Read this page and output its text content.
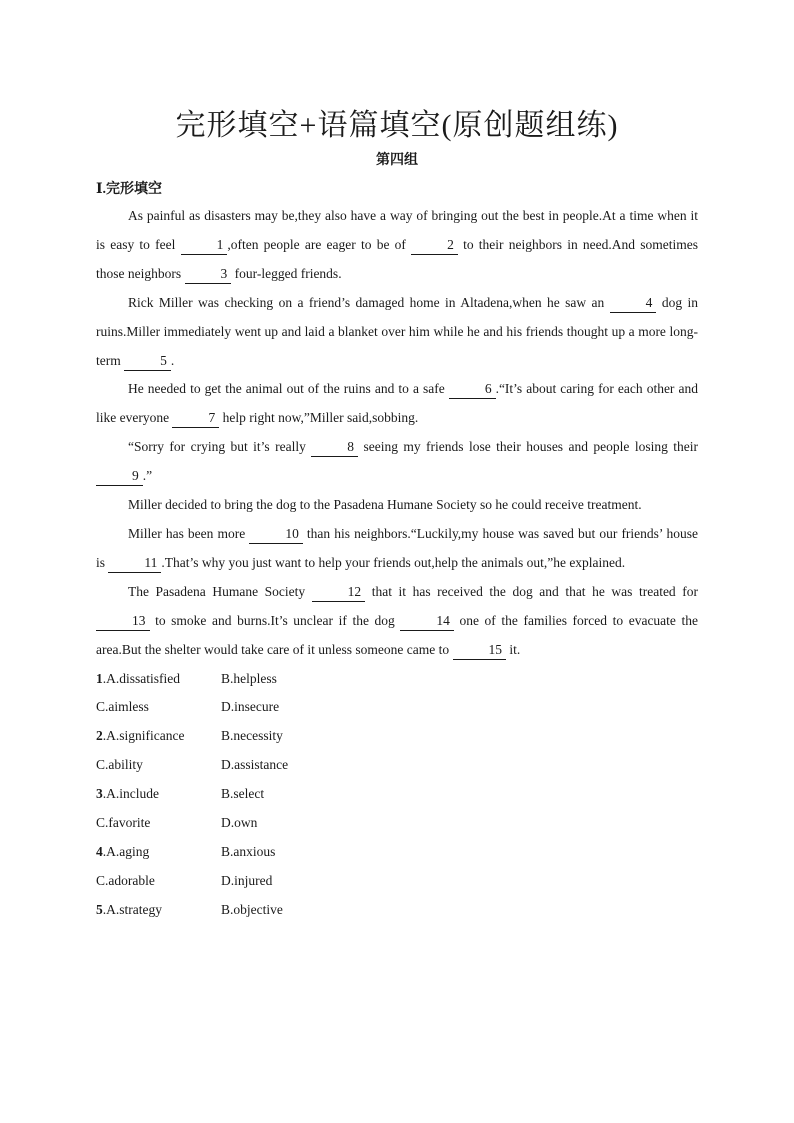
完形填空+语篇填空(原创题组练)
第四组
Ⅰ.完形填空

As painful as disasters may be,they also have a way of bringing out the best in people.At a time when it is easy to feel	1 ,often people are eager to be of	2 to their neighbors in need.And sometimes those neighbors	3 four-legged friends.

Rick Miller was checking on a friend’s damaged home in Altadena,when he saw an	4 dog in ruins.Miller immediately went up and laid a blanket over him while he and his friends thought up a more long-term	5 .

He needed to get the animal out of the ruins and to a safe	6 .“It’s about caring for each other and like everyone	7 help right now,”Miller said,sobbing.

“Sorry for crying but it’s really	8 seeing my friends lose their houses and people losing their 9 .”

Miller decided to bring the dog to the Pasadena Humane Society so he could receive treatment.

Miller has been more	10 than his neighbors.“Luckily,my house was saved but our friends’ house is	11 .That’s why you just want to help your friends out,help the animals out,”he explained.

The Pasadena Humane Society	12 that it has received the dog and that he was treated for 13 to smoke and burns.It’s unclear if the dog	14 one of the families forced to evacuate the area.But the shelter would take care of it unless someone came to	15 it.

1.A.dissatisfied	B.helpless
C.aimless	D.insecure
2.A.significance	B.necessity
C.ability	D.assistance
3.A.include	B.select
C.favorite	D.own
4.A.aging	B.anxious
C.adorable	D.injured
5.A.strategy	B.objective
